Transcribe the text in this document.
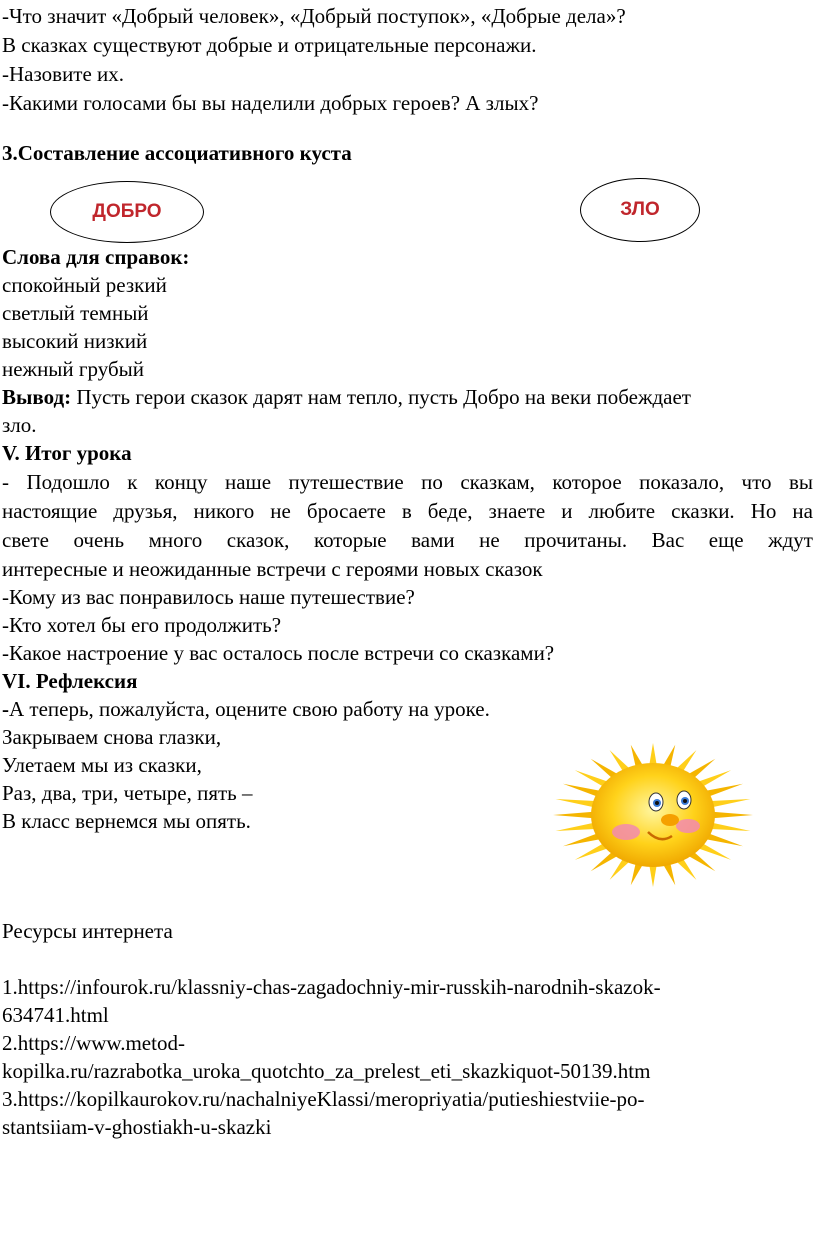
-Что значит «Добрый человек», «Добрый поступок», «Добрые дела»?
В сказках существуют добрые и отрицательные персонажи.
-Назовите их.
-Какими голосами бы вы наделили добрых героев? А злых?
3.Составление ассоциативного куста
ДОБРО	ЗЛО
Слова для справок:
спокойный резкий
светлый темный
высокий низкий
нежный грубый
Вывод: Пусть герои сказок дарят нам тепло, пусть Добро на веки побеждает
зло.
V. Итог урока
- Подошло к концу наше путешествие по сказкам, которое показало, что вы
настоящие друзья, никого не бросаете в беде, знаете и любите сказки. Но на
свете очень много сказок, которые вами не прочитаны. Вас еще ждут
интересные и неожиданные встречи с героями новых сказок
-Кому из вас понравилось наше путешествие?
-Кто хотел бы его продолжить?
-Какое настроение у вас осталось после встречи со сказками?
VI. Рефлексия
-А теперь, пожалуйста, оцените свою работу на уроке.
Закрываем снова глазки,
Улетаем мы из сказки,
Раз, два, три, четыре, пять –
В класс вернемся мы опять.
Ресурсы интернета
1.https://infourok.ru/klassniy-chas-zagadochniy-mir-russkih-narodnih-skazok-
634741.html
2.https://www.metod-
kopilka.ru/razrabotka_uroka_quotchto_za_prelest_eti_skazkiquot-50139.htm
3.https://kopilkaurokov.ru/nachalniyeKlassi/meropriyatia/putieshiestviie-po-
stantsiiam-v-ghostiakh-u-skazki
